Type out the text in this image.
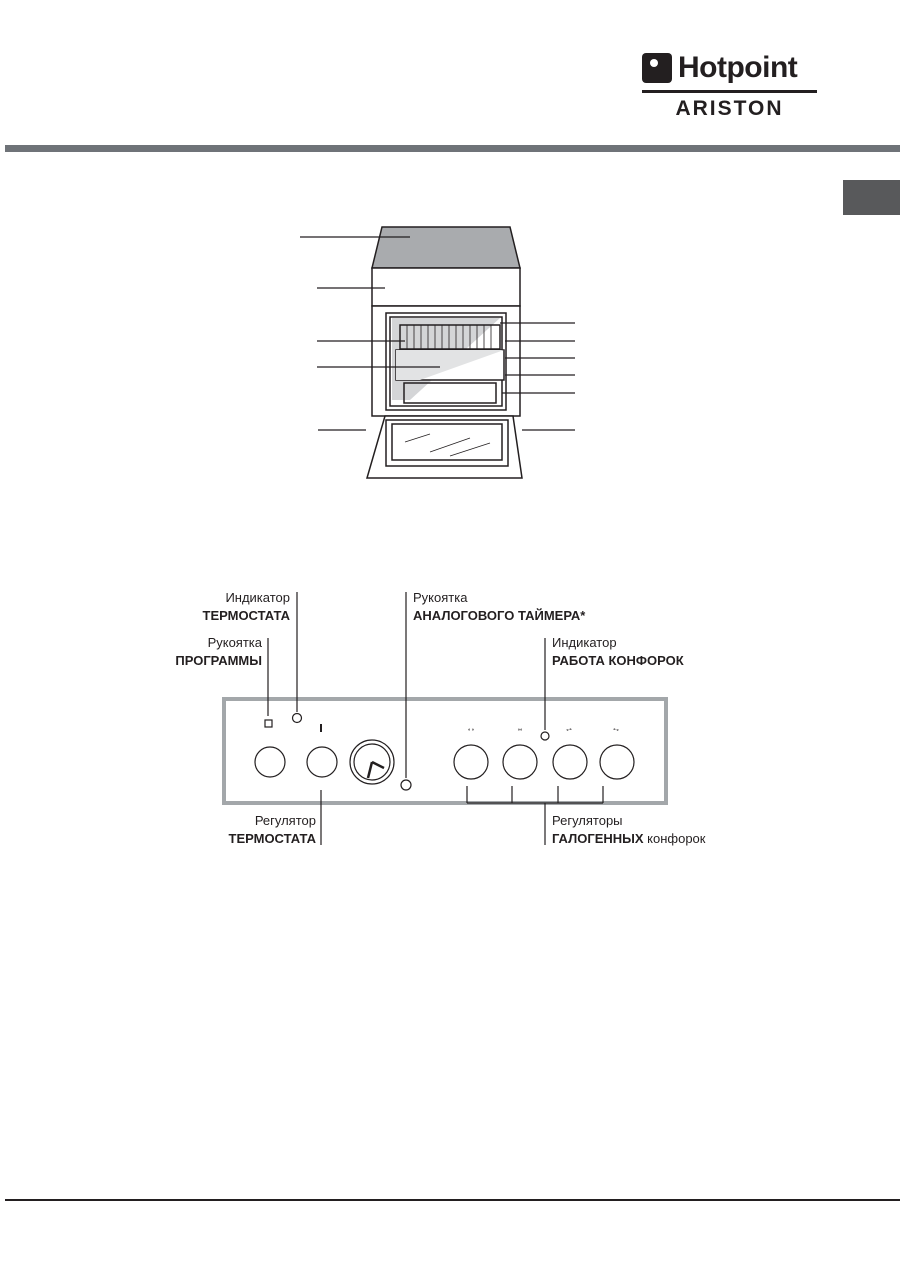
Hotpoint
ARISTON
◐◑	◑◐	◒◓	◓◒
Индикатор
ТЕРМОСТАТА
Рукоятка
ПРОГРАММЫ
Рукоятка
АНАЛОГОВОГО ТАЙМЕРА*
Индикатор
РАБОТА КОНФОРОК
Регулятор
ТЕРМОСТАТА
Регуляторы
ГАЛОГЕННЫХ конфорок
